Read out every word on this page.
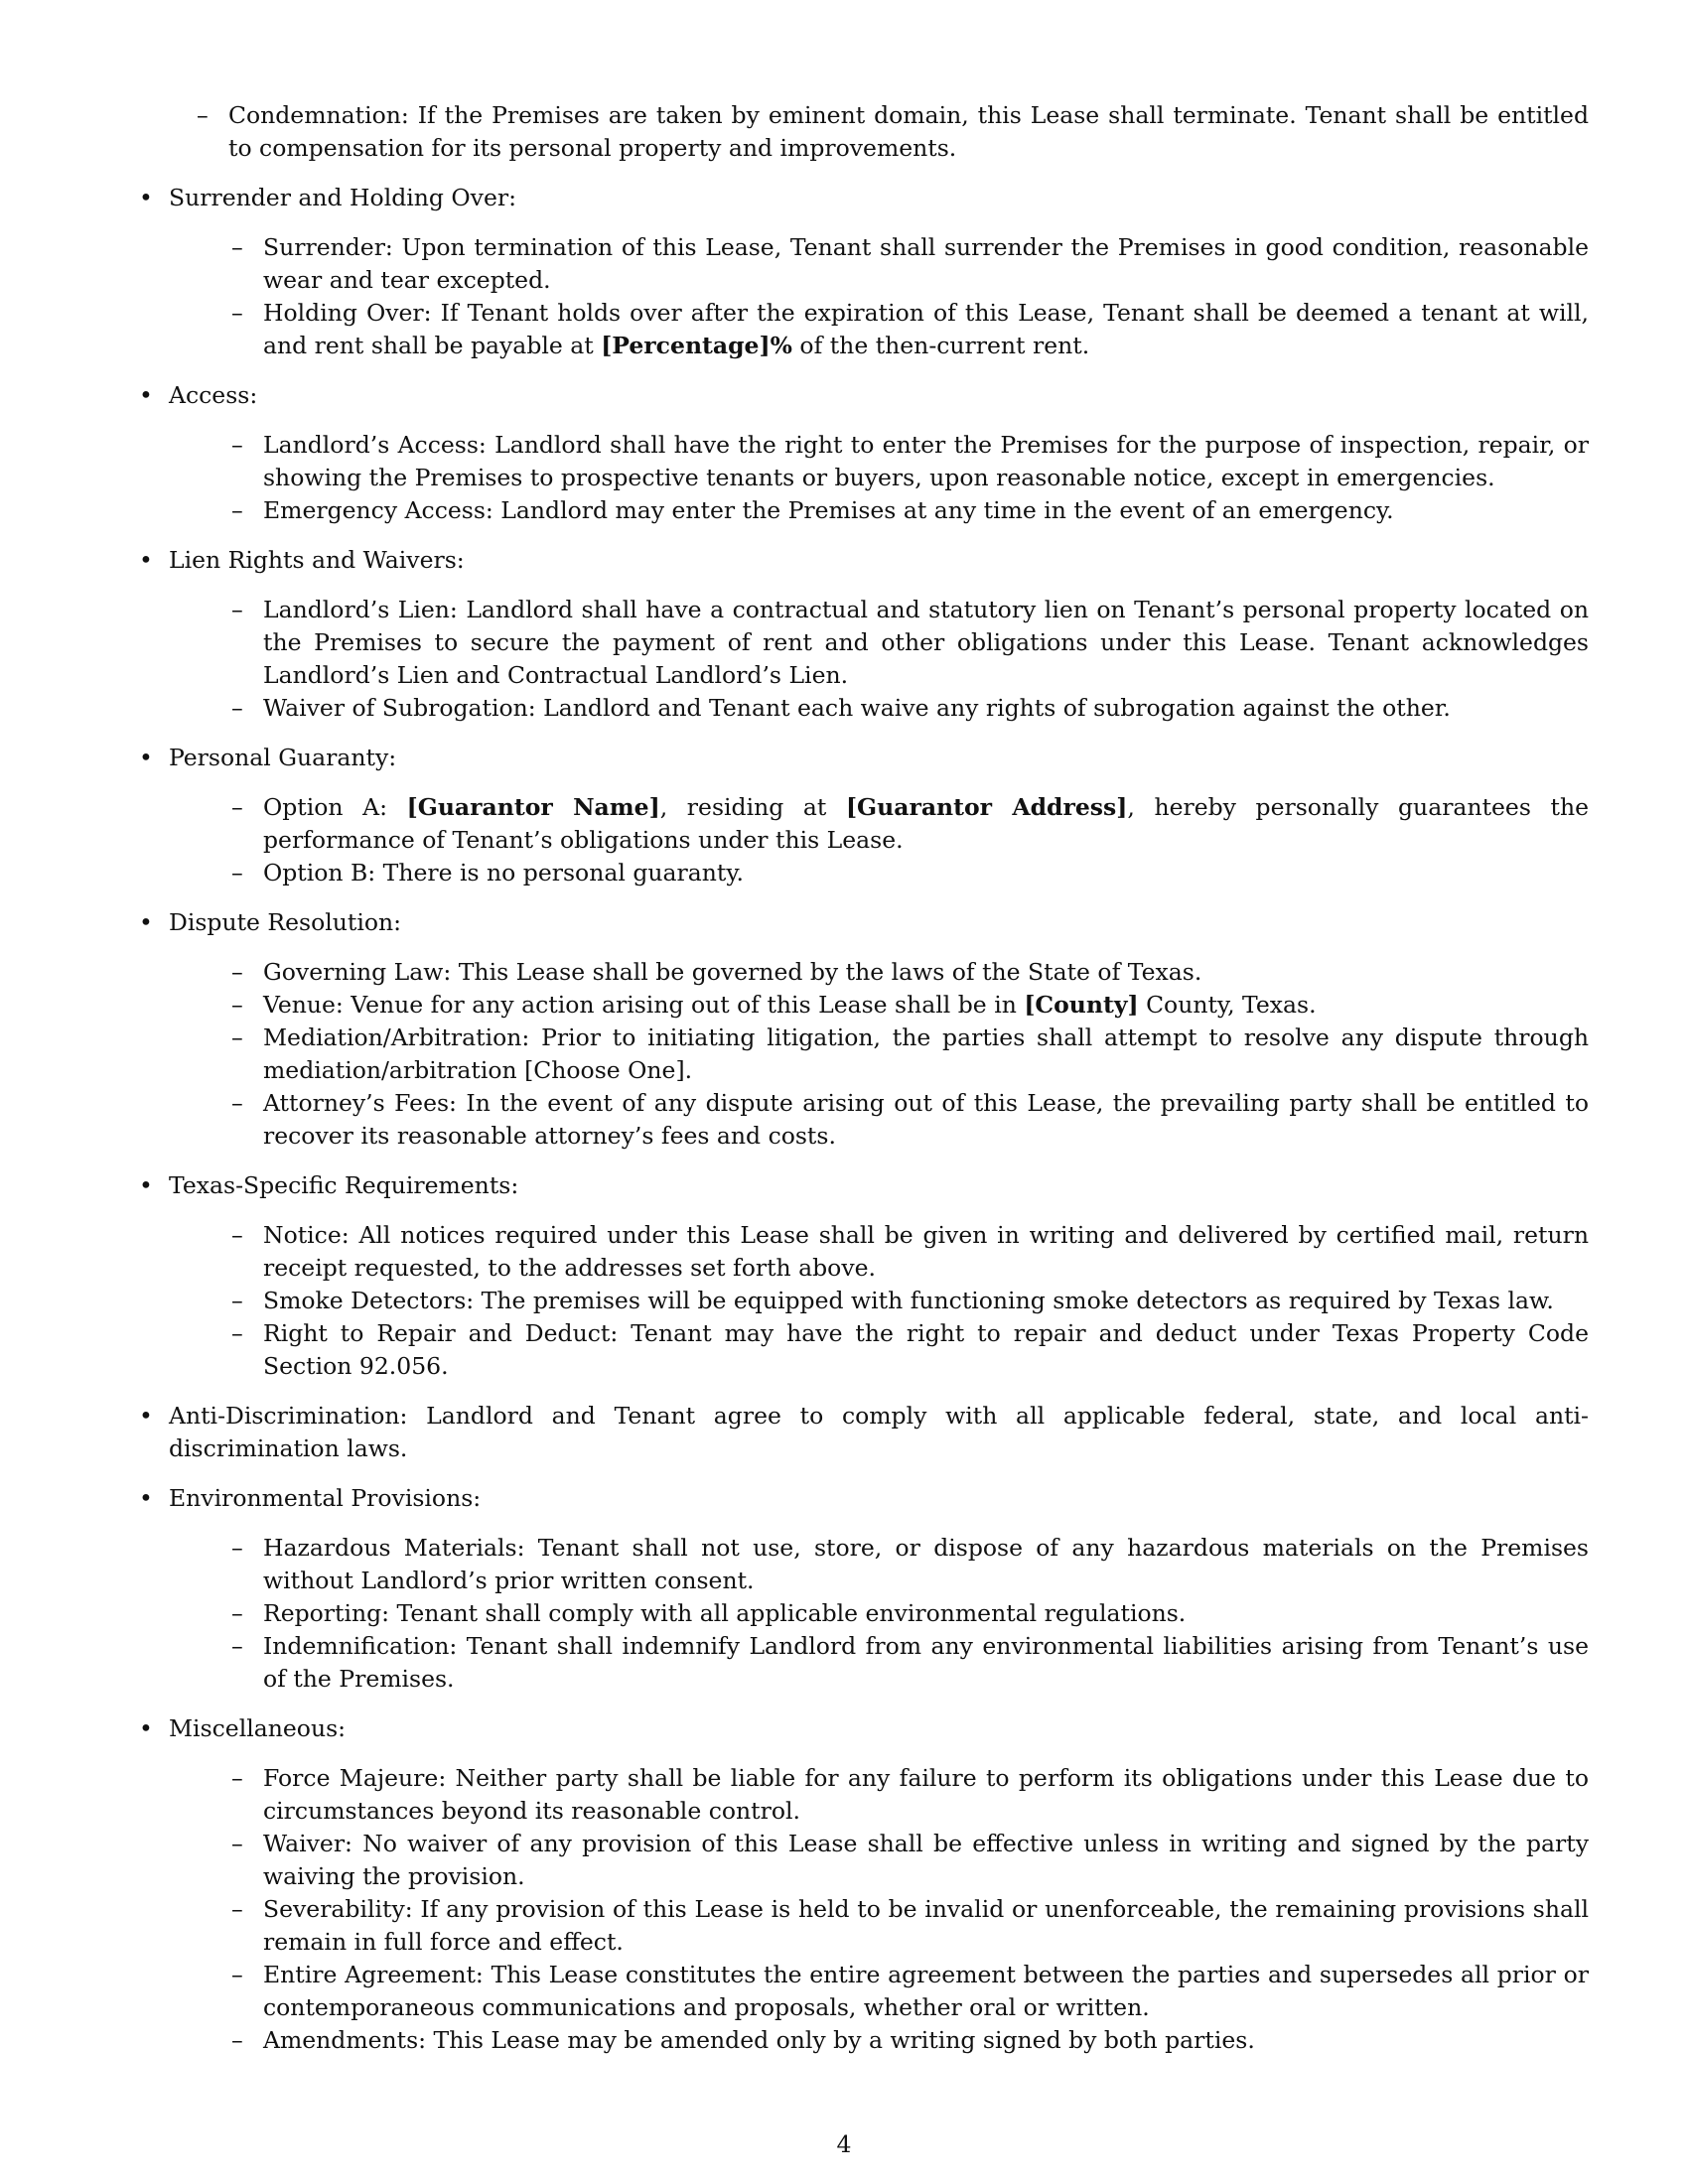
– Condemnation: If the Premises are taken by eminent domain, this Lease shall terminate. Tenant shall be entitled to compensation for its personal property and improvements.
• Surrender and Holding Over:
– Surrender: Upon termination of this Lease, Tenant shall surrender the Premises in good condition, reasonable wear and tear excepted.
– Holding Over: If Tenant holds over after the expiration of this Lease, Tenant shall be deemed a tenant at will, and rent shall be payable at [Percentage]% of the then-current rent.
• Access:
– Landlord’s Access: Landlord shall have the right to enter the Premises for the purpose of inspection, repair, or showing the Premises to prospective tenants or buyers, upon reasonable notice, except in emergencies.
– Emergency Access: Landlord may enter the Premises at any time in the event of an emergency.
• Lien Rights and Waivers:
– Landlord’s Lien: Landlord shall have a contractual and statutory lien on Tenant’s personal property located on the Premises to secure the payment of rent and other obligations under this Lease. Tenant acknowledges Landlord’s Lien and Contractual Landlord’s Lien.
– Waiver of Subrogation: Landlord and Tenant each waive any rights of subrogation against the other.
• Personal Guaranty:
– Option A: [Guarantor Name], residing at [Guarantor Address], hereby personally guarantees the performance of Tenant’s obligations under this Lease.
– Option B: There is no personal guaranty.
• Dispute Resolution:
– Governing Law: This Lease shall be governed by the laws of the State of Texas.
– Venue: Venue for any action arising out of this Lease shall be in [County] County, Texas.
– Mediation/Arbitration: Prior to initiating litigation, the parties shall attempt to resolve any dispute through mediation/arbitration [Choose One].
– Attorney’s Fees: In the event of any dispute arising out of this Lease, the prevailing party shall be entitled to recover its reasonable attorney’s fees and costs.
• Texas-Specific Requirements:
– Notice: All notices required under this Lease shall be given in writing and delivered by certified mail, return receipt requested, to the addresses set forth above.
– Smoke Detectors: The premises will be equipped with functioning smoke detectors as required by Texas law.
– Right to Repair and Deduct: Tenant may have the right to repair and deduct under Texas Property Code Section 92.056.
• Anti-Discrimination: Landlord and Tenant agree to comply with all applicable federal, state, and local anti-discrimination laws.
• Environmental Provisions:
– Hazardous Materials: Tenant shall not use, store, or dispose of any hazardous materials on the Premises without Landlord’s prior written consent.
– Reporting: Tenant shall comply with all applicable environmental regulations.
– Indemnification: Tenant shall indemnify Landlord from any environmental liabilities arising from Tenant’s use of the Premises.
• Miscellaneous:
– Force Majeure: Neither party shall be liable for any failure to perform its obligations under this Lease due to circumstances beyond its reasonable control.
– Waiver: No waiver of any provision of this Lease shall be effective unless in writing and signed by the party waiving the provision.
– Severability: If any provision of this Lease is held to be invalid or unenforceable, the remaining provisions shall remain in full force and effect.
– Entire Agreement: This Lease constitutes the entire agreement between the parties and supersedes all prior or contemporaneous communications and proposals, whether oral or written.
– Amendments: This Lease may be amended only by a writing signed by both parties.
4
